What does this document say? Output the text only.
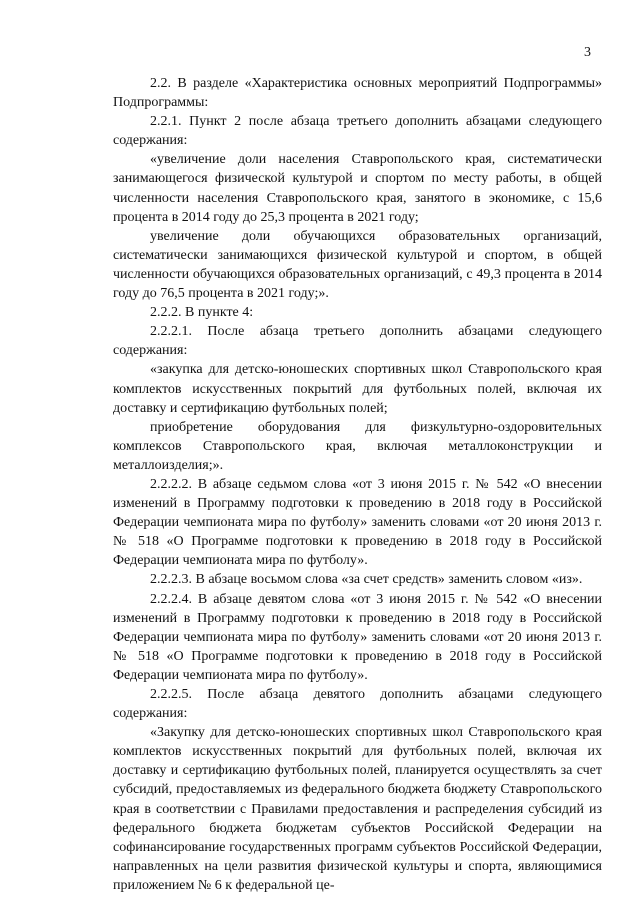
3

2.2. В разделе «Характеристика основных мероприятий Подпрограммы» Подпрограммы:

2.2.1. Пункт 2 после абзаца третьего дополнить абзацами следующего содержания:

«увеличение доли населения Ставропольского края, систематически занимающегося физической культурой и спортом по месту работы, в общей численности населения Ставропольского края, занятого в экономике, с 15,6 процента в 2014 году до 25,3 процента в 2021 году;

увеличение доли обучающихся образовательных организаций, систематически занимающихся физической культурой и спортом, в общей численности обучающихся образовательных организаций, с 49,3 процента в 2014 году до 76,5 процента в 2021 году;».

2.2.2. В пункте 4:

2.2.2.1. После абзаца третьего дополнить абзацами следующего содержания:

«закупка для детско-юношеских спортивных школ Ставропольского края комплектов искусственных покрытий для футбольных полей, включая их доставку и сертификацию футбольных полей;

приобретение оборудования для физкультурно-оздоровительных комплексов Ставропольского края, включая металлоконструкции и металлоизделия;».

2.2.2.2. В абзаце седьмом слова «от 3 июня 2015 г. № 542 «О внесении изменений в Программу подготовки к проведению в 2018 году в Российской Федерации чемпионата мира по футболу» заменить словами «от 20 июня 2013 г. № 518 «О Программе подготовки к проведению в 2018 году в Российской Федерации чемпионата мира по футболу».

2.2.2.3. В абзаце восьмом слова «за счет средств» заменить словом «из».

2.2.2.4. В абзаце девятом слова «от 3 июня 2015 г. № 542 «О внесении изменений в Программу подготовки к проведению в 2018 году в Российской Федерации чемпионата мира по футболу» заменить словами «от 20 июня 2013 г. № 518 «О Программе подготовки к проведению в 2018 году в Российской Федерации чемпионата мира по футболу».

2.2.2.5. После абзаца девятого дополнить абзацами следующего содержания:

«Закупку для детско-юношеских спортивных школ Ставропольского края комплектов искусственных покрытий для футбольных полей, включая их доставку и сертификацию футбольных полей, планируется осуществлять за счет субсидий, предоставляемых из федерального бюджета бюджету Ставропольского края в соответствии с Правилами предоставления и распределения субсидий из федерального бюджета бюджетам субъектов Российской Федерации на софинансирование государственных программ субъектов Российской Федерации, направленных на цели развития физической культуры и спорта, являющимися приложением № 6 к федеральной це-
